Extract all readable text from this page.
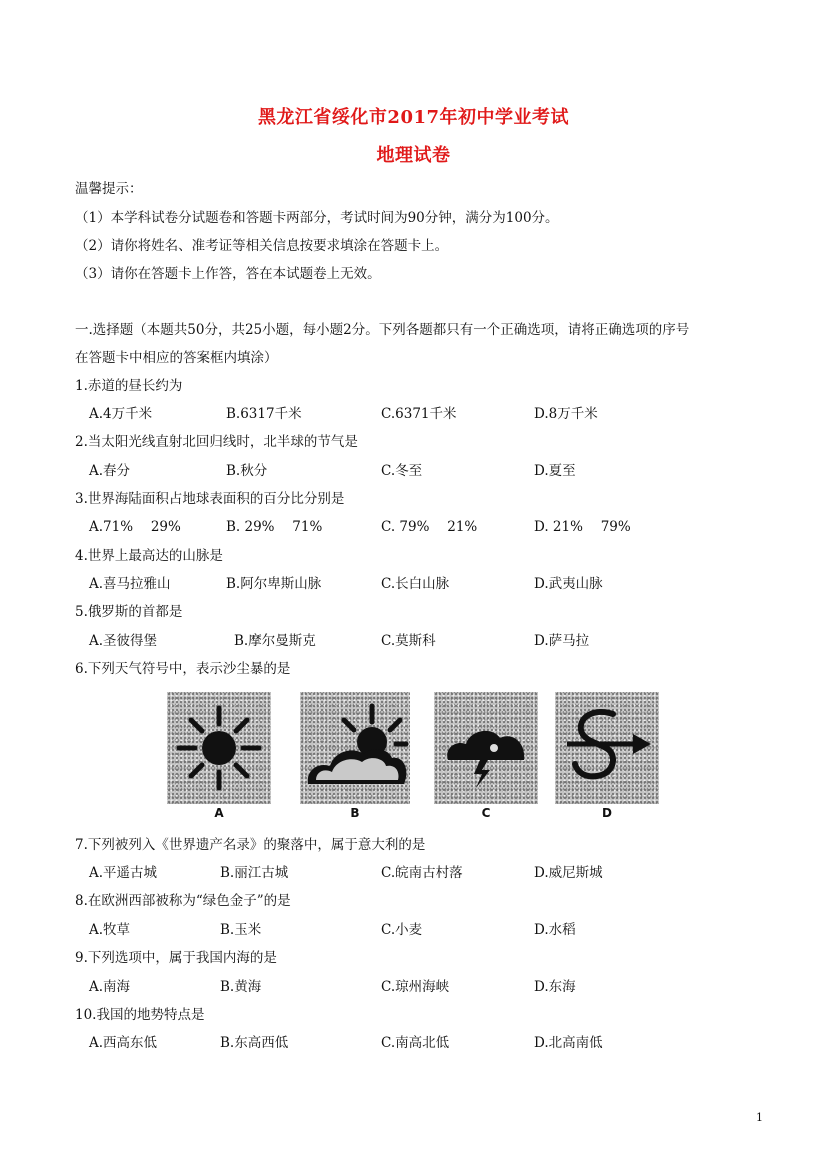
黑龙江省绥化市2017年初中学业考试
地理试卷
温馨提示：
（1）本学科试卷分试题卷和答题卡两部分，考试时间为90分钟，满分为100分。
（2）请你将姓名、准考证等相关信息按要求填涂在答题卡上。
（3）请你在答题卡上作答，答在本试题卷上无效。
一.选择题（本题共50分，共25小题，每小题2分。下列各题都只有一个正确选项，请将正确选项的序号
在答题卡中相应的答案框内填涂）
1.赤道的昼长约为
A.4万千米	B.6317千米	C.6371千米	D.8万千米
2.当太阳光线直射北回归线时，北半球的节气是
A.春分	B.秋分	C.冬至	D.夏至
3.世界海陆面积占地球表面积的百分比分别是
A.71%　 29%	B. 29%　 71%	C. 79%　 21%	D. 21%　 79%
4.世界上最高达的山脉是
A.喜马拉雅山	B.阿尔卑斯山脉	C.长白山脉	D.武夷山脉
5.俄罗斯的首都是
A.圣彼得堡	B.摩尔曼斯克	C.莫斯科	D.萨马拉
6.下列天气符号中，表示沙尘暴的是
A	B	C	D
7.下列被列入《世界遗产名录》的聚落中，属于意大利的是
A.平遥古城	B.丽江古城	C.皖南古村落	D.威尼斯城
8.在欧洲西部被称为“绿色金子”的是
A.牧草	B.玉米	C.小麦	D.水稻
9.下列选项中，属于我国内海的是
A.南海	B.黄海	C.琼州海峡	D.东海
10.我国的地势特点是
A.西高东低	B.东高西低	C.南高北低	D.北高南低
1
